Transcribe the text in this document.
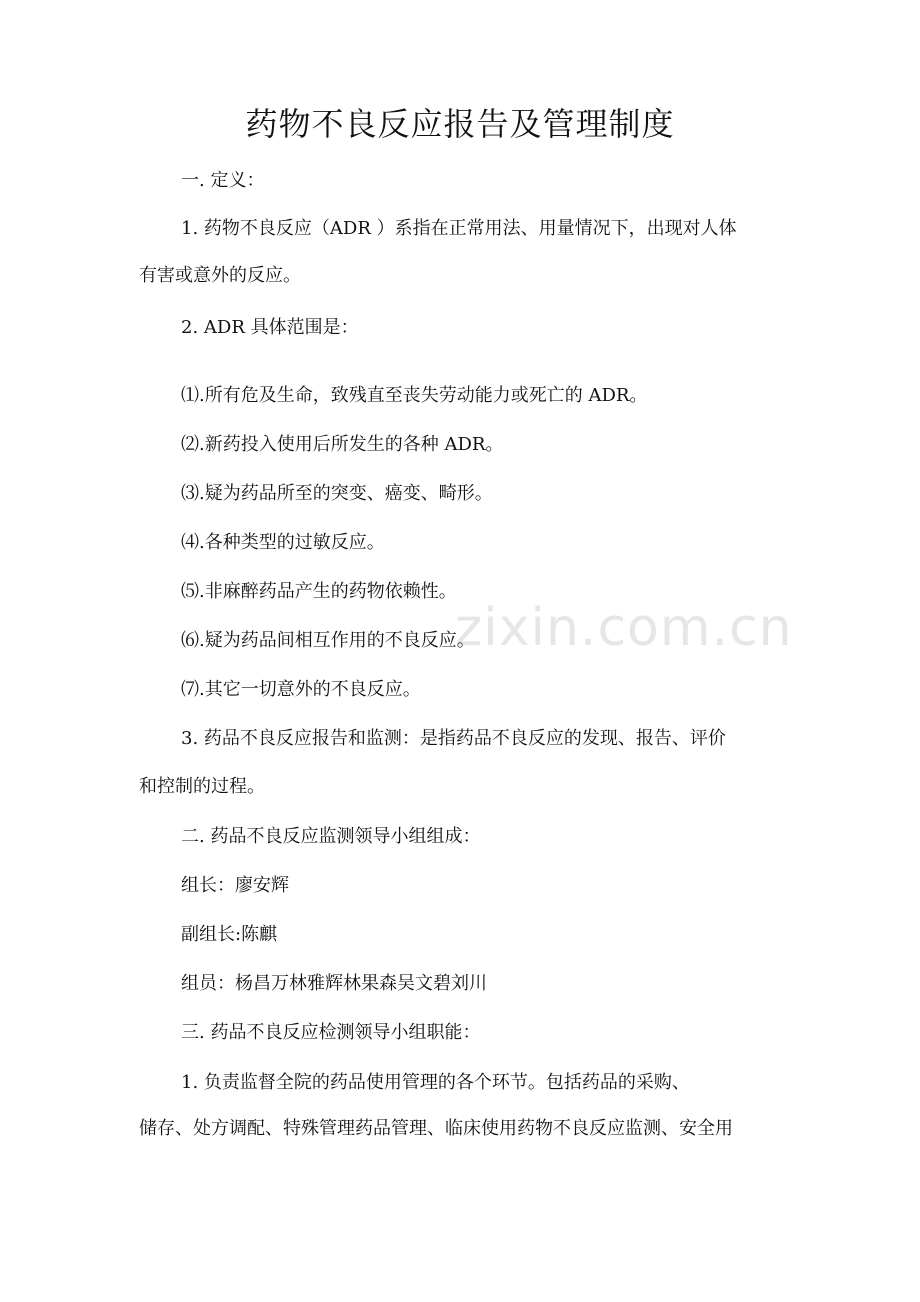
zixin.com.cn
药物不良反应报告及管理制度
一. 定义：
1. 药物不良反应（ADR ）系指在正常用法、用量情况下，出现对人体
有害或意外的反应。
2. ADR 具体范围是：
⑴.所有危及生命，致残直至丧失劳动能力或死亡的 ADR。
⑵.新药投入使用后所发生的各种 ADR。
⑶.疑为药品所至的突变、癌变、畸形。
⑷.各种类型的过敏反应。
⑸.非麻醉药品产生的药物依赖性。
⑹.疑为药品间相互作用的不良反应。
⑺.其它一切意外的不良反应。
3. 药品不良反应报告和监测：是指药品不良反应的发现、报告、评价
和控制的过程。
二. 药品不良反应监测领导小组组成：
组长：廖安辉
副组长:陈麒
组员：杨昌万林雅辉林果森吴文碧刘川
三. 药品不良反应检测领导小组职能：
1. 负责监督全院的药品使用管理的各个环节。包括药品的采购、
储存、处方调配、特殊管理药品管理、临床使用药物不良反应监测、安全用
